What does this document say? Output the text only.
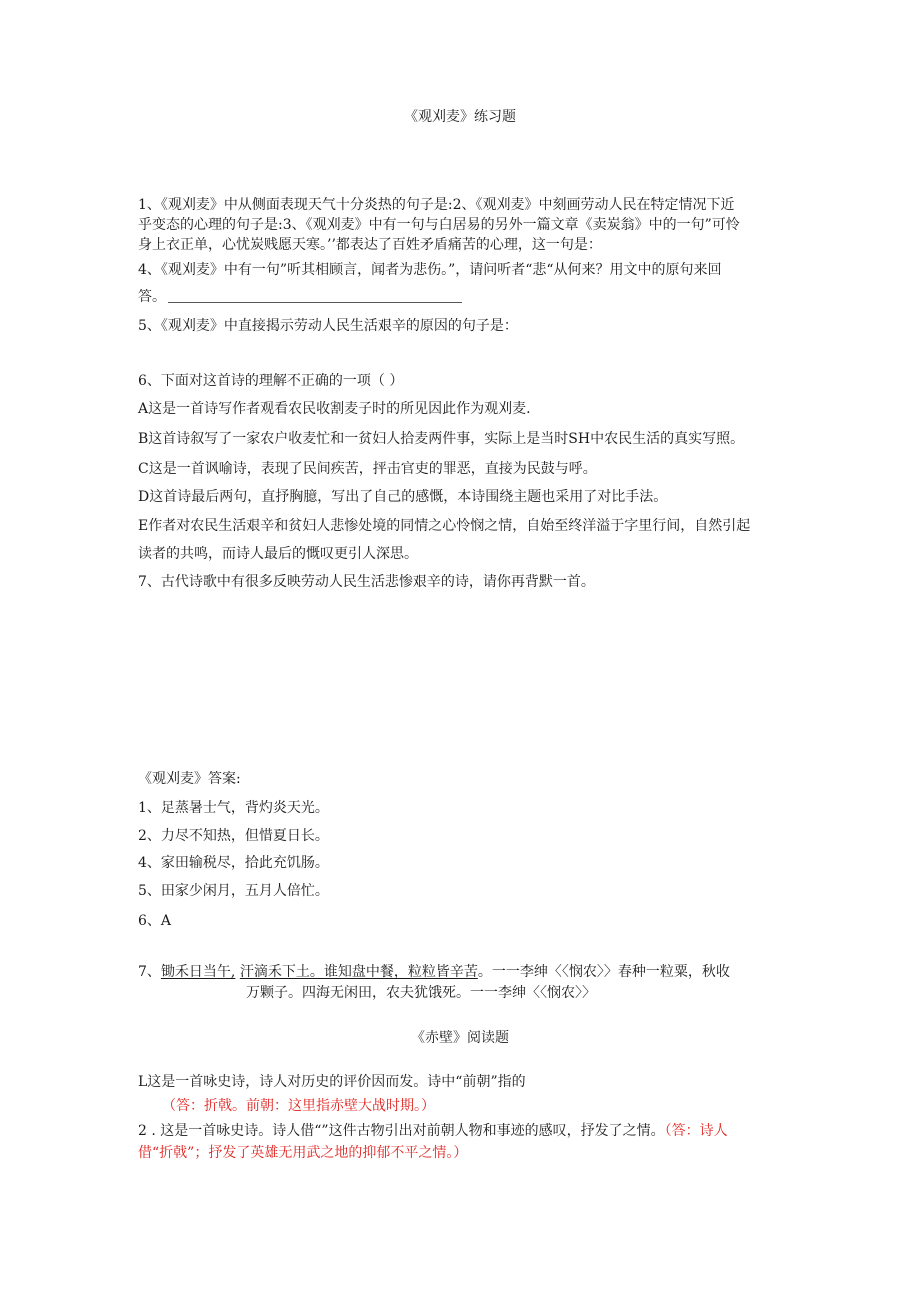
《观刈麦》练习题
1、《观刈麦》中从侧面表现天气十分炎热的句子是:2、《观刈麦》中刻画劳动人民在特定情况下近
乎变态的心理的句子是:3、《观刈麦》中有一句与白居易的另外一篇文章《卖炭翁》中的一句”可怜
身上衣正单，心忧炭贱愿天寒。’’都表达了百姓矛盾痛苦的心理，这一句是：
4、《观刈麦》中有一句”听其相顾言，闻者为悲伤。”，请问听者“悲“从何来？用文中的原句来回
答。
5、《观刈麦》中直接揭示劳动人民生活艰辛的原因的句子是：
6、下面对这首诗的理解不正确的一项（ ）
A这是一首诗写作者观看农民收割麦子时的所见因此作为观刈麦.
B这首诗叙写了一家农户收麦忙和一贫妇人拾麦两件事，实际上是当时SH中农民生活的真实写照。
C这是一首讽喻诗，表现了民间疾苦，抨击官吏的罪恶，直接为民鼓与呼。
D这首诗最后两句，直抒胸臆，写出了自己的感慨，本诗围绕主题也采用了对比手法。
E作者对农民生活艰辛和贫妇人悲惨处境的同情之心怜悯之情，自始至终洋溢于字里行间，自然引起
读者的共鸣，而诗人最后的慨叹更引人深思。
7、古代诗歌中有很多反映劳动人民生活悲惨艰辛的诗，请你再背默一首。
《观刈麦》答案:
1、足蒸暑士气，背灼炎天光。
2、力尽不知热，但惜夏日长。
4、家田输税尽，拾此充饥肠。
5、田家少闲月，五月人倍忙。
6、A
7、锄禾日当午, 汗滴禾下土。谁知盘中餐，粒粒皆辛苦。一一李绅〈〈悯农〉〉春种一粒粟，秋收
万颗子。四海无闲田，农夫犹饿死。一一李绅〈〈悯农〉〉
《赤壁》阅读题
L这是一首咏史诗，诗人对历史的评价因而发。诗中“前朝”指的
（答：折戟。前朝：这里指赤壁大战时期。）
2 . 这是一首咏史诗。诗人借“”这件古物引出对前朝人物和事迹的感叹，抒发了之情。（答：诗人
借“折戟”；抒发了英雄无用武之地的抑郁不平之情。）
